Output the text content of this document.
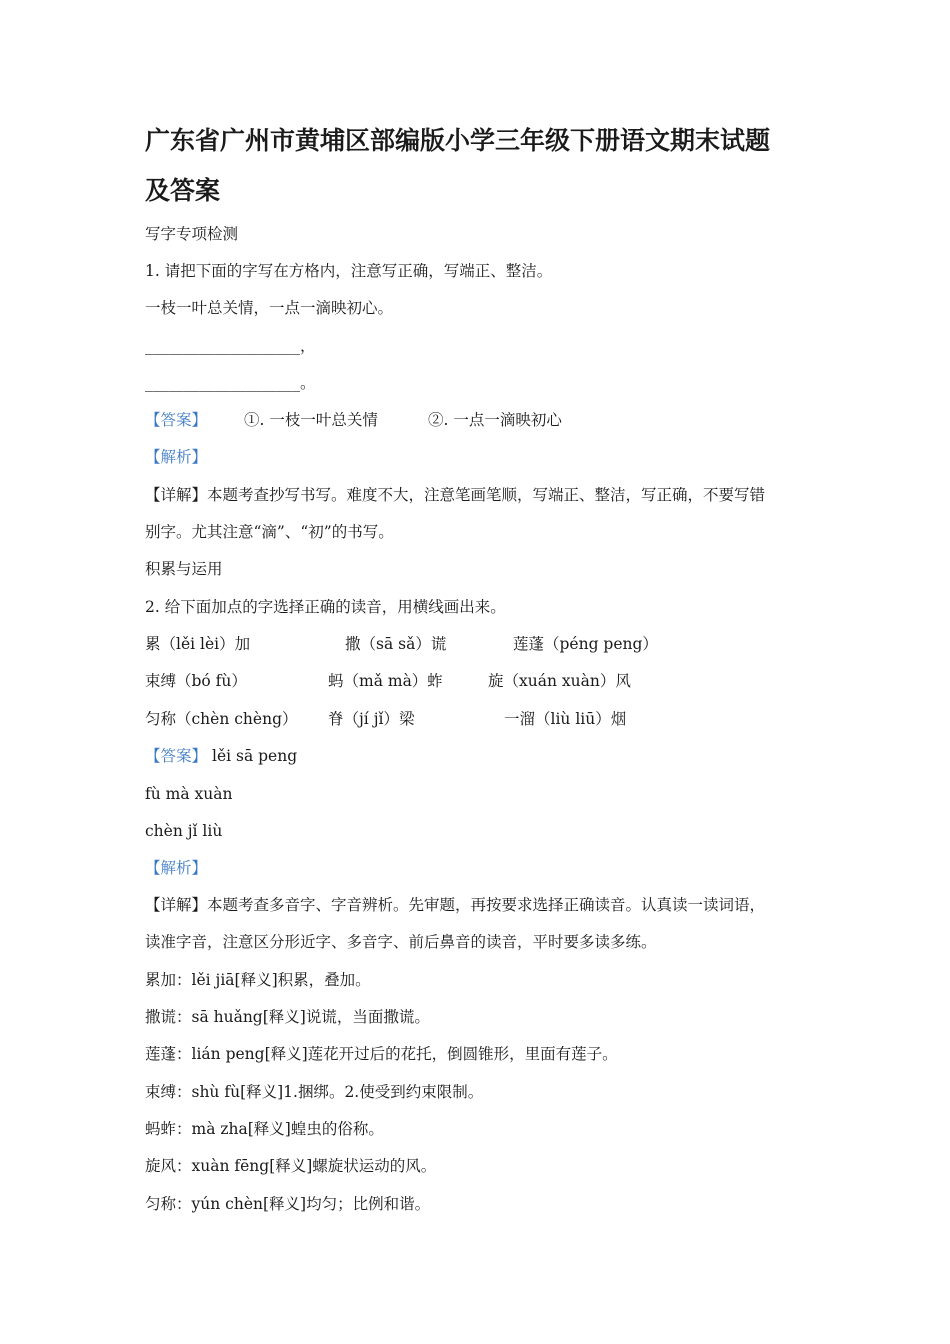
广东省广州市黄埔区部编版小学三年级下册语文期末试题
及答案
写字专项检测
1. 请把下面的字写在方格内，注意写正确，写端正、整洁。
一枝一叶总关情，一点一滴映初心。
____________________，
____________________。
【答案】 ①. 一枝一叶总关情	②. 一点一滴映初心
【解析】
【详解】本题考查抄写书写。难度不大，注意笔画笔顺，写端正、整洁，写正确，不要写错
别字。尤其注意“滴”、“初”的书写。
积累与运用
2. 给下面加点的字选择正确的读音，用横线画出来。
累（lěi lèi）加	撒（sā sǎ）谎	莲蓬（péng peng）
束缚（bó fù）	蚂（mǎ mà）蚱	旋（xuán xuàn）风
匀称（chèn chèng） 脊（jí jǐ）梁	一溜（liù liū）烟
【答案】 lěi sā peng
fù mà xuàn
chèn jǐ liù
【解析】
【详解】本题考查多音字、字音辨析。先审题，再按要求选择正确读音。认真读一读词语，
读准字音，注意区分形近字、多音字、前后鼻音的读音，平时要多读多练。
累加：lěi jiā[释义]积累，叠加。
撒谎：sā huǎng[释义]说谎，当面撒谎。
莲蓬：lián peng[释义]莲花开过后的花托，倒圆锥形，里面有莲子。
束缚：shù fù[释义]1.捆绑。2.使受到约束限制。
蚂蚱：mà zha[释义]蝗虫的俗称。
旋风：xuàn fēng[释义]螺旋状运动的风。
匀称：yún chèn[释义]均匀；比例和谐。
